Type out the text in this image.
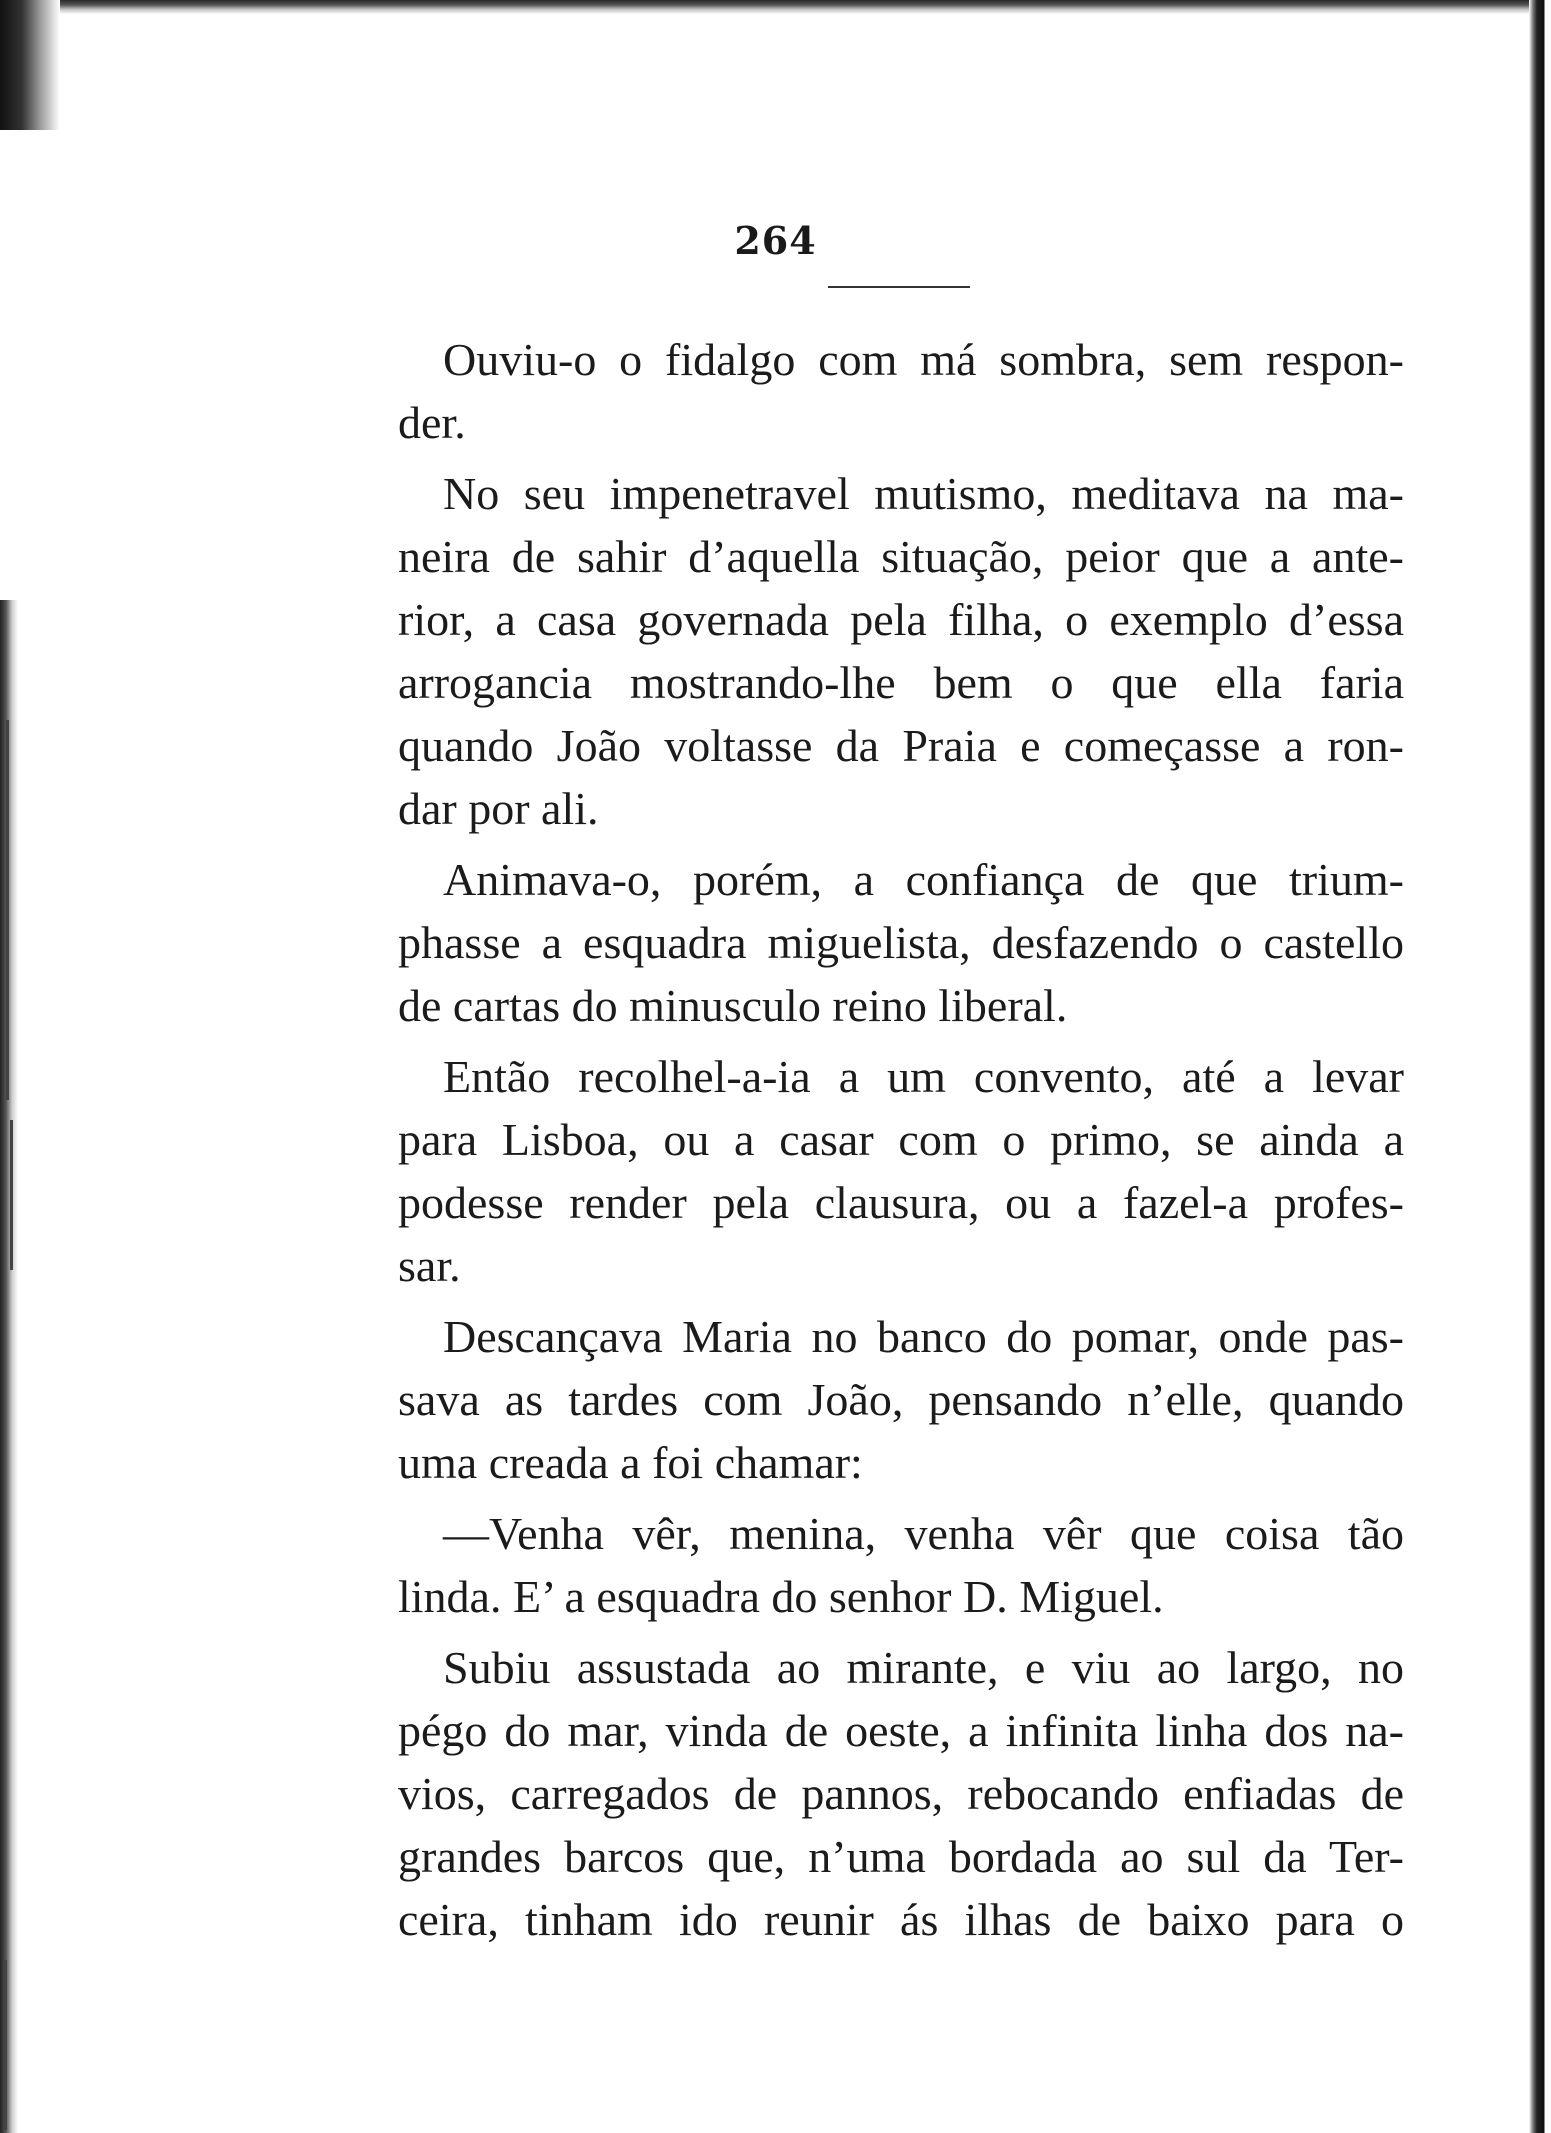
264
Ouviu-o o fidalgo com má sombra, sem respon-
der.
No seu impenetravel mutismo, meditava na ma-
neira de sahir d’aquella situação, peior que a ante-
rior, a casa governada pela filha, o exemplo d’essa
arrogancia mostrando-lhe bem o que ella faria
quando João voltasse da Praia e começasse a ron-
dar por ali.
Animava-o, porém, a confiança de que trium-
phasse a esquadra miguelista, desfazendo o castello
de cartas do minusculo reino liberal.
Então recolhel-a-ia a um convento, até a levar
para Lisboa, ou a casar com o primo, se ainda a
podesse render pela clausura, ou a fazel-a profes-
sar.
Descançava Maria no banco do pomar, onde pas-
sava as tardes com João, pensando n’elle, quando
uma creada a foi chamar:
—Venha vêr, menina, venha vêr que coisa tão
linda. E’ a esquadra do senhor D. Miguel.
Subiu assustada ao mirante, e viu ao largo, no
pégo do mar, vinda de oeste, a infinita linha dos na-
vios, carregados de pannos, rebocando enfiadas de
grandes barcos que, n’uma bordada ao sul da Ter-
ceira, tinham ido reunir ás ilhas de baixo para o
